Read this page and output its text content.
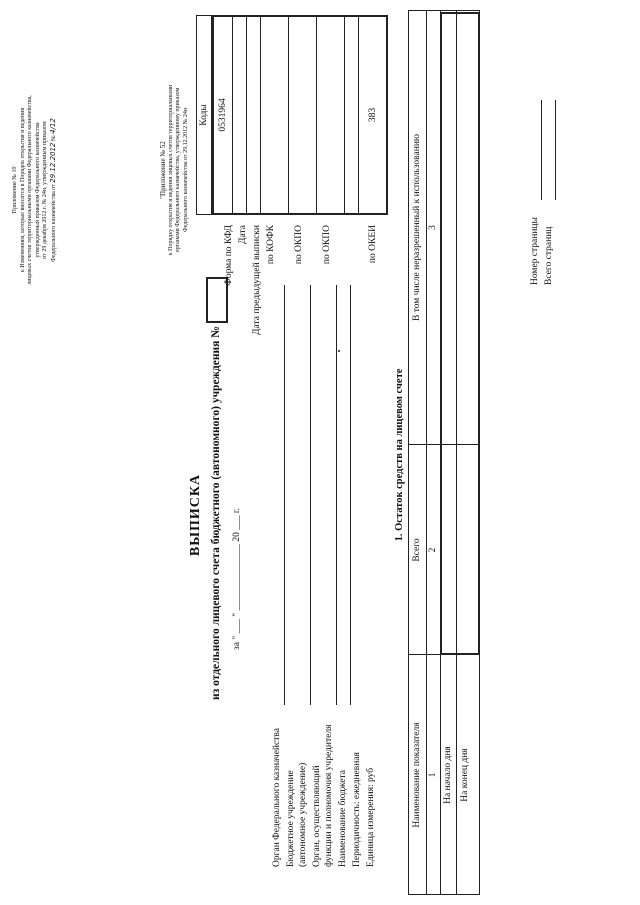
Приложение № 10 к Изменениям, которые вносятся в Порядок открытия и ведения лицевых счетов территориальными органами Федерального казначейства, утвержденный приказом Федерального казначейства от 29 декабря 2012 г. № 24н, утвержденным приказом Федерального казначейства от 29.12.2012 № 4/12
"Приложение № 52 к Порядку открытия и ведения лицевых счетов территориальными органами Федерального казначейства, утвержденному приказом Федерального казначейства от 29.12.2012 № 24н
ВЫПИСКА из отдельного лицевого счета бюджетного (автономного) учреждения № за " ___ " ______________ 20 ___ г.
Орган Федерального казначейства Бюджетное учреждение (автономное учреждение) Орган, осуществляющий функции и полномочия учредителя Наименование бюджета Периодичность: ежедневная Единица измерения: руб
Форма по КФД Дата Дата предыдущей выписки по КОФК по ОКПО по ОКПО	по ОКЕИ
Коды 0531964	383
1. Остаток средств на лицевом счете
Наименование показателя
Всего
В том числе неразрешенный к использованию
1
2
3
На начало дня На конец дня
Номер страницы Всего страниц
